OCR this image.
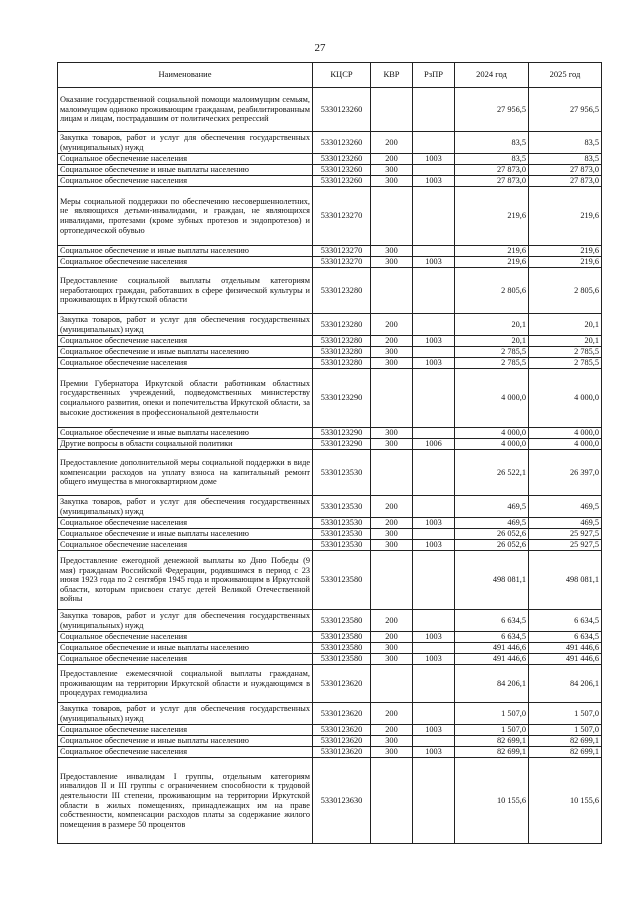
27
Наименование	КЦСР	КВР	РзПР	2024 год	2025 год
Оказание государственной социальной помощи малоимущим семьям, малоимущим одиноко проживающим гражданам, реабилитированным лицам и лицам, пострадавшим от политических репрессий	5330123260			27 956,5	27 956,5
Закупка товаров, работ и услуг для обеспечения государственных (муниципальных) нужд	5330123260	200		83,5	83,5
Социальное обеспечение населения	5330123260	200	1003	83,5	83,5
Социальное обеспечение и иные выплаты населению	5330123260	300		27 873,0	27 873,0
Социальное обеспечение населения	5330123260	300	1003	27 873,0	27 873,0
Меры социальной поддержки по обеспечению несовершеннолетних, не являющихся детьми-инвалидами, и граждан, не являющихся инвалидами, протезами (кроме зубных протезов и эндопротезов) и ортопедической обувью	5330123270			219,6	219,6
Социальное обеспечение и иные выплаты населению	5330123270	300		219,6	219,6
Социальное обеспечение населения	5330123270	300	1003	219,6	219,6
Предоставление социальной выплаты отдельным категориям неработающих граждан, работавших в сфере физической культуры и проживающих в Иркутской области	5330123280			2 805,6	2 805,6
Закупка товаров, работ и услуг для обеспечения государственных (муниципальных) нужд	5330123280	200		20,1	20,1
Социальное обеспечение населения	5330123280	200	1003	20,1	20,1
Социальное обеспечение и иные выплаты населению	5330123280	300		2 785,5	2 785,5
Социальное обеспечение населения	5330123280	300	1003	2 785,5	2 785,5
Премии Губернатора Иркутской области работникам областных государственных учреждений, подведомственных министерству социального развития, опеки и попечительства Иркутской области, за высокие достижения в профессиональной деятельности	5330123290			4 000,0	4 000,0
Социальное обеспечение и иные выплаты населению	5330123290	300		4 000,0	4 000,0
Другие вопросы в области социальной политики	5330123290	300	1006	4 000,0	4 000,0
Предоставление дополнительной меры социальной поддержки в виде компенсации расходов на уплату взноса на капитальный ремонт общего имущества в многоквартирном доме	5330123530			26 522,1	26 397,0
Закупка товаров, работ и услуг для обеспечения государственных (муниципальных) нужд	5330123530	200		469,5	469,5
Социальное обеспечение населения	5330123530	200	1003	469,5	469,5
Социальное обеспечение и иные выплаты населению	5330123530	300		26 052,6	25 927,5
Социальное обеспечение населения	5330123530	300	1003	26 052,6	25 927,5
Предоставление ежегодной денежной выплаты ко Дню Победы (9 мая) гражданам Российской Федерации, родившимся в период с 23 июня 1923 года по 2 сентября 1945 года и проживающим в Иркутской области, которым присвоен статус детей Великой Отечественной войны	5330123580			498 081,1	498 081,1
Закупка товаров, работ и услуг для обеспечения государственных (муниципальных) нужд	5330123580	200		6 634,5	6 634,5
Социальное обеспечение населения	5330123580	200	1003	6 634,5	6 634,5
Социальное обеспечение и иные выплаты населению	5330123580	300		491 446,6	491 446,6
Социальное обеспечение населения	5330123580	300	1003	491 446,6	491 446,6
Предоставление ежемесячной социальной выплаты гражданам, проживающим на территории Иркутской области и нуждающимся в процедурах гемодиализа	5330123620			84 206,1	84 206,1
Закупка товаров, работ и услуг для обеспечения государственных (муниципальных) нужд	5330123620	200		1 507,0	1 507,0
Социальное обеспечение населения	5330123620	200	1003	1 507,0	1 507,0
Социальное обеспечение и иные выплаты населению	5330123620	300		82 699,1	82 699,1
Социальное обеспечение населения	5330123620	300	1003	82 699,1	82 699,1
Предоставление инвалидам I группы, отдельным категориям инвалидов II и III группы с ограничением способности к трудовой деятельности III степени, проживающим на территории Иркутской области в жилых помещениях, принадлежащих им на праве собственности, компенсации расходов платы за содержание жилого помещения в размере 50 процентов	5330123630			10 155,6	10 155,6
